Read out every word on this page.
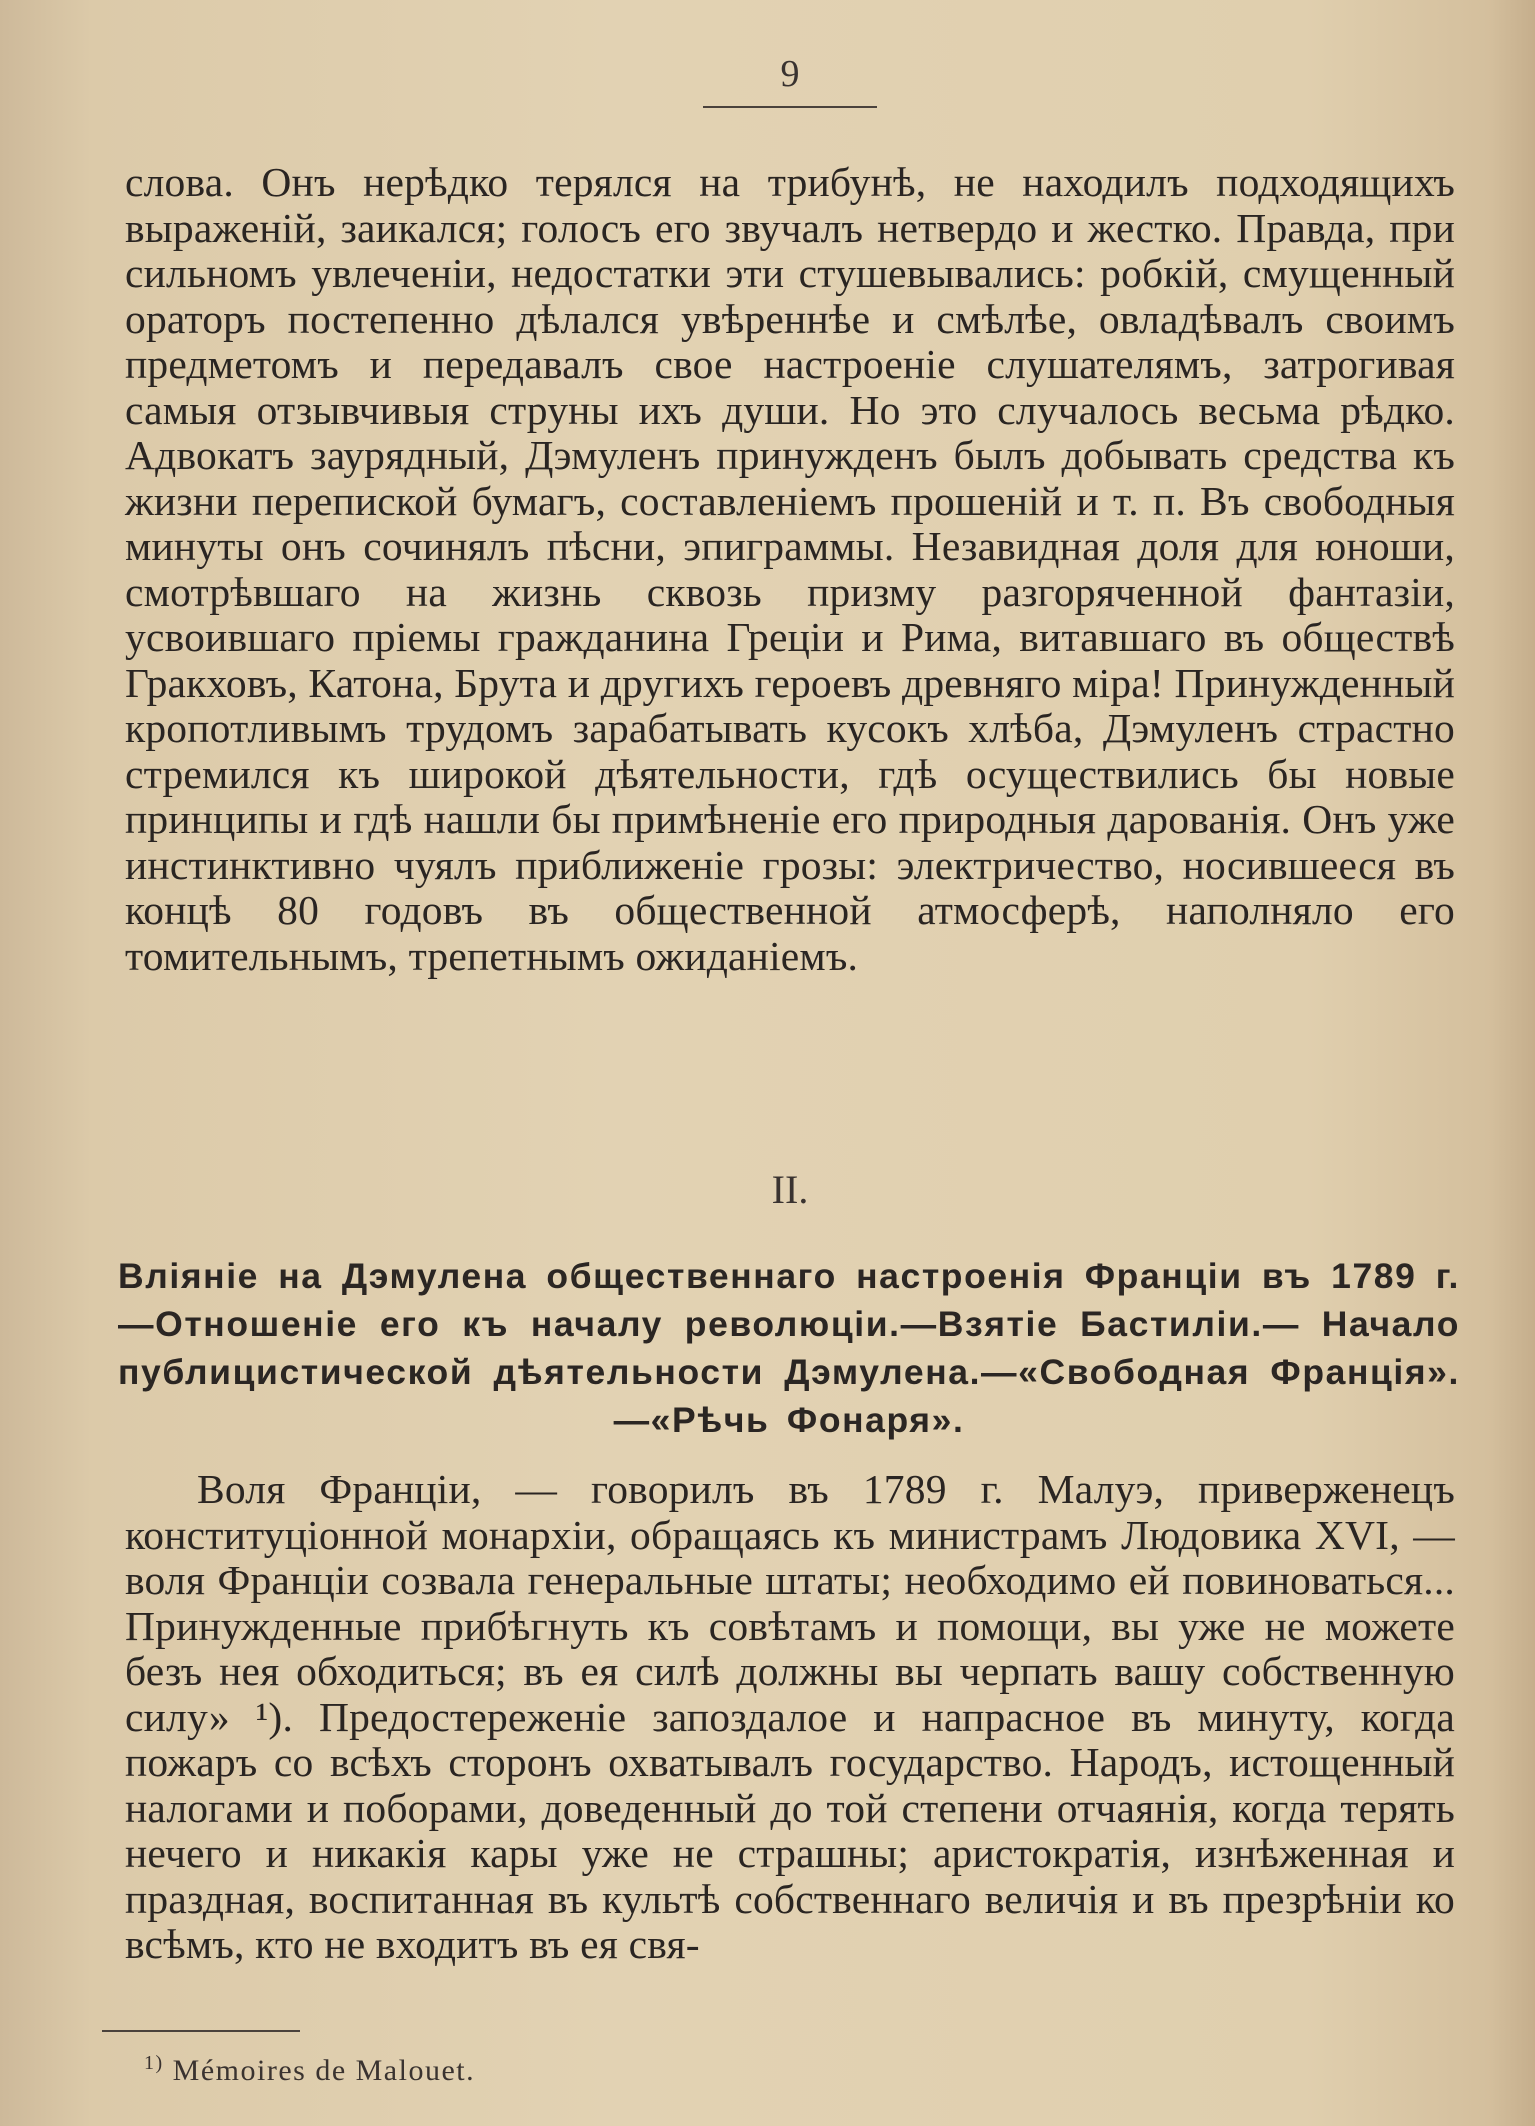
9

слова. Онъ нерѣдко терялся на трибунѣ, не находилъ подходящихъ выраженій, заикался; голосъ его звучалъ нетвердо и жестко. Правда, при сильномъ увлеченіи, недостатки эти стушевывались: робкій, смущенный ораторъ постепенно дѣлался увѣреннѣе и смѣлѣе, овладѣвалъ своимъ предметомъ и передавалъ свое настроеніе слушателямъ, затрогивая самыя отзывчивыя струны ихъ души. Но это случалось весьма рѣдко. Адвокатъ заурядный, Дэмуленъ принужденъ былъ добывать средства къ жизни перепиской бумагъ, составленіемъ прошеній и т. п. Въ свободныя минуты онъ сочинялъ пѣсни, эпиграммы. Незавидная доля для юноши, смотрѣвшаго на жизнь сквозь призму разгоряченной фантазіи, усвоившаго пріемы гражданина Греціи и Рима, витавшаго въ обществѣ Гракховъ, Катона, Брута и другихъ героевъ древняго міра! Принужденный кропотливымъ трудомъ зарабатывать кусокъ хлѣба, Дэмуленъ страстно стремился къ широкой дѣятельности, гдѣ осуществились бы новые принципы и гдѣ нашли бы примѣненіе его природныя дарованія. Онъ уже инстинктивно чуялъ приближеніе грозы: электричество, носившееся въ концѣ 80 годовъ въ общественной атмосферѣ, наполняло его томительнымъ, трепетнымъ ожиданіемъ.

II.

Вліяніе на Дэмулена общественнаго настроенія Франціи въ 1789 г.—Отношеніе его къ началу революціи.—Взятіе Бастиліи.— Начало публицистической дѣятельности Дэмулена.—«Свободная Франція».—«Рѣчь Фонаря».

Воля Франціи, — говорилъ въ 1789 г. Малуэ, приверженецъ конституціонной монархіи, обращаясь къ министрамъ Людовика XVI, — воля Франціи созвала генеральные штаты; необходимо ей повиноваться... Принужденные прибѣгнуть къ совѣтамъ и помощи, вы уже не можете безъ нея обходиться; въ ея силѣ должны вы черпать вашу собственную силу» ¹). Предостереженіе запоздалое и напрасное въ минуту, когда пожаръ со всѣхъ сторонъ охватывалъ государство. Народъ, истощенный налогами и поборами, доведенный до той степени отчаянія, когда терять нечего и никакія кары уже не страшны; аристократія, изнѣженная и праздная, воспитанная въ культѣ собственнаго величія и въ презрѣніи ко всѣмъ, кто не входитъ въ ея свя-

$^{1)}$ Mémoires de Malouet.
